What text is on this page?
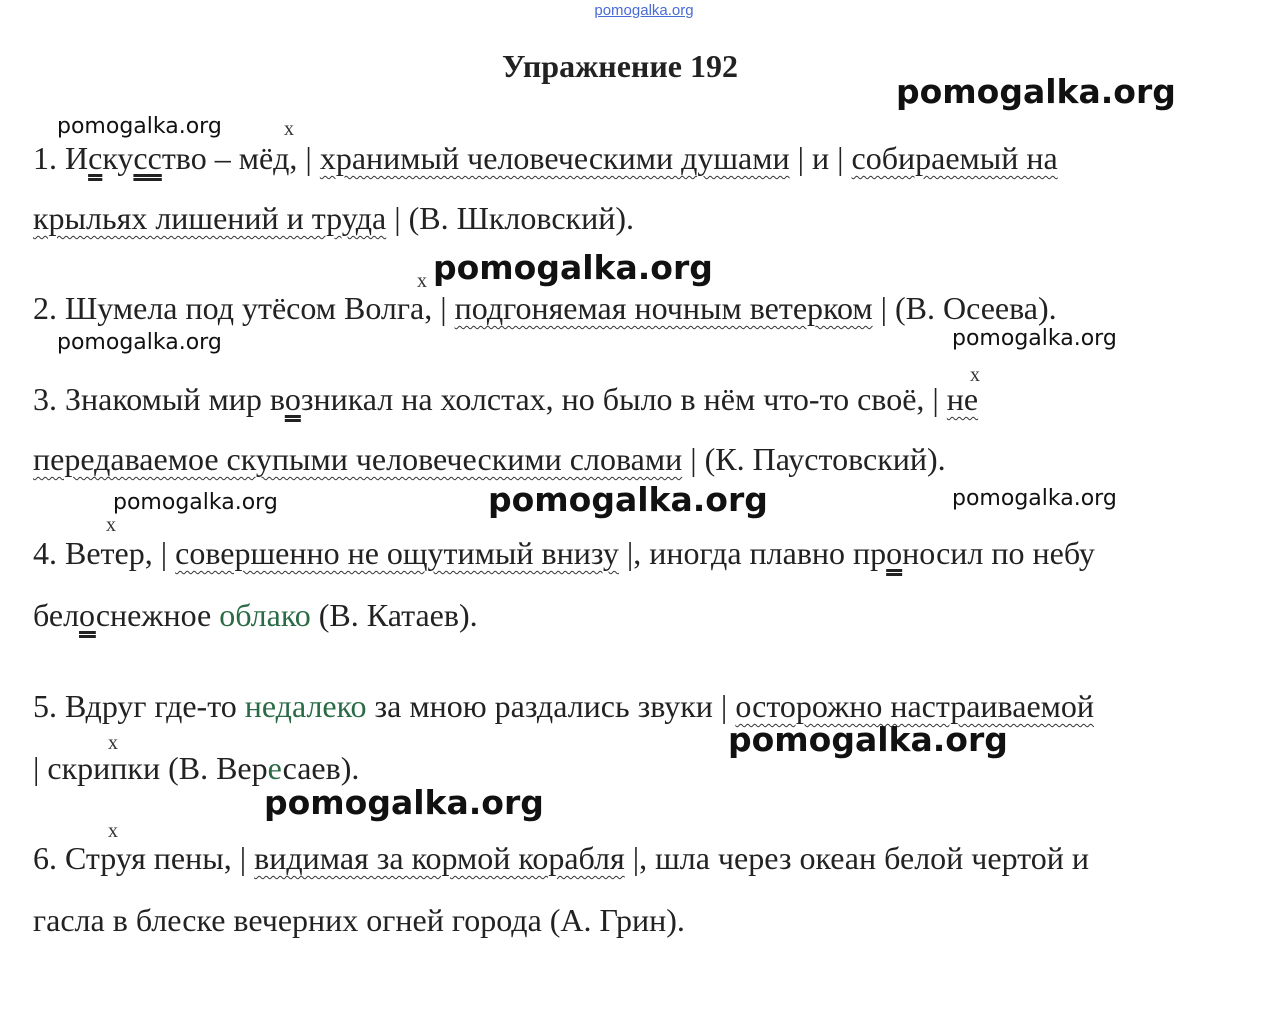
pomogalka.org
Упражнение 192
pomogalka.org
pomogalka.org
pomogalka.org
pomogalka.org	pomogalka.org
pomogalka.org	pomogalka.org	pomogalka.org
pomogalka.org
pomogalka.org
x
x
x
x
x
x
1. Искусство – мёд, | хранимый человеческими душами | и | собираемый на
крыльях лишений и труда | (В. Шкловский).
2. Шумела под утёсом Волга, | подгоняемая ночным ветерком | (В. Осеева).
3. Знакомый мир возникал на холстах, но было в нём что-то своё, | не
передаваемое скупыми человеческими словами | (К. Паустовский).
4. Ветер, | совершенно не ощутимый внизу |, иногда плавно проносил по небу
белоснежное облако (В. Катаев).
5. Вдруг где-то недалеко за мною раздались звуки | осторожно настраиваемой
| скрипки (В. Вересаев).
6. Струя пены, | видимая за кормой корабля |, шла через океан белой чертой и
гасла в блеске вечерних огней города (А. Грин).
